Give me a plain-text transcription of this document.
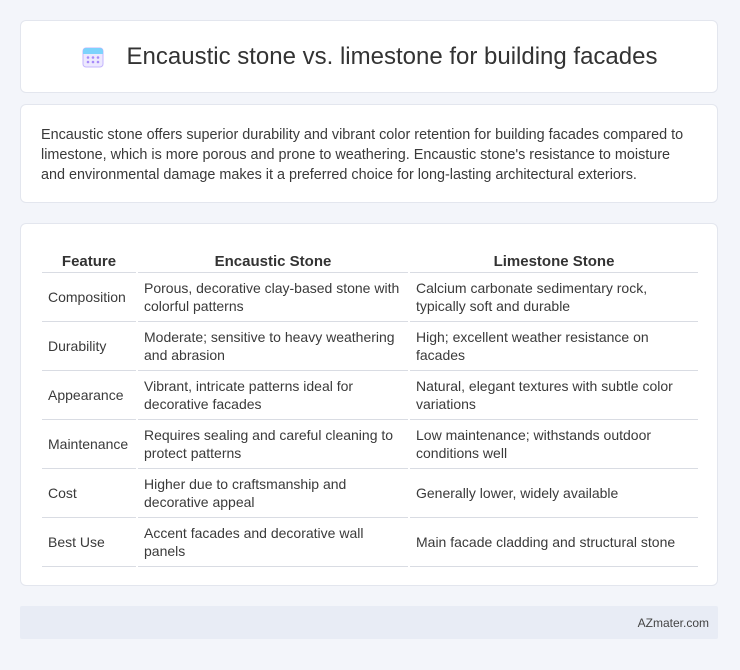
Encaustic stone vs. limestone for building facades

Encaustic stone offers superior durability and vibrant color retention for building facades compared to limestone, which is more porous and prone to weathering. Encaustic stone's resistance to moisture and environmental damage makes it a preferred choice for long-lasting architectural exteriors.

Feature	Encaustic Stone	Limestone Stone
Composition	Porous, decorative clay-based stone with colorful patterns	Calcium carbonate sedimentary rock, typically soft and durable
Durability	Moderate; sensitive to heavy weathering and abrasion	High; excellent weather resistance on facades
Appearance	Vibrant, intricate patterns ideal for decorative facades	Natural, elegant textures with subtle color variations
Maintenance	Requires sealing and careful cleaning to protect patterns	Low maintenance; withstands outdoor conditions well
Cost	Higher due to craftsmanship and decorative appeal	Generally lower, widely available
Best Use	Accent facades and decorative wall panels	Main facade cladding and structural stone
AZmater.com
